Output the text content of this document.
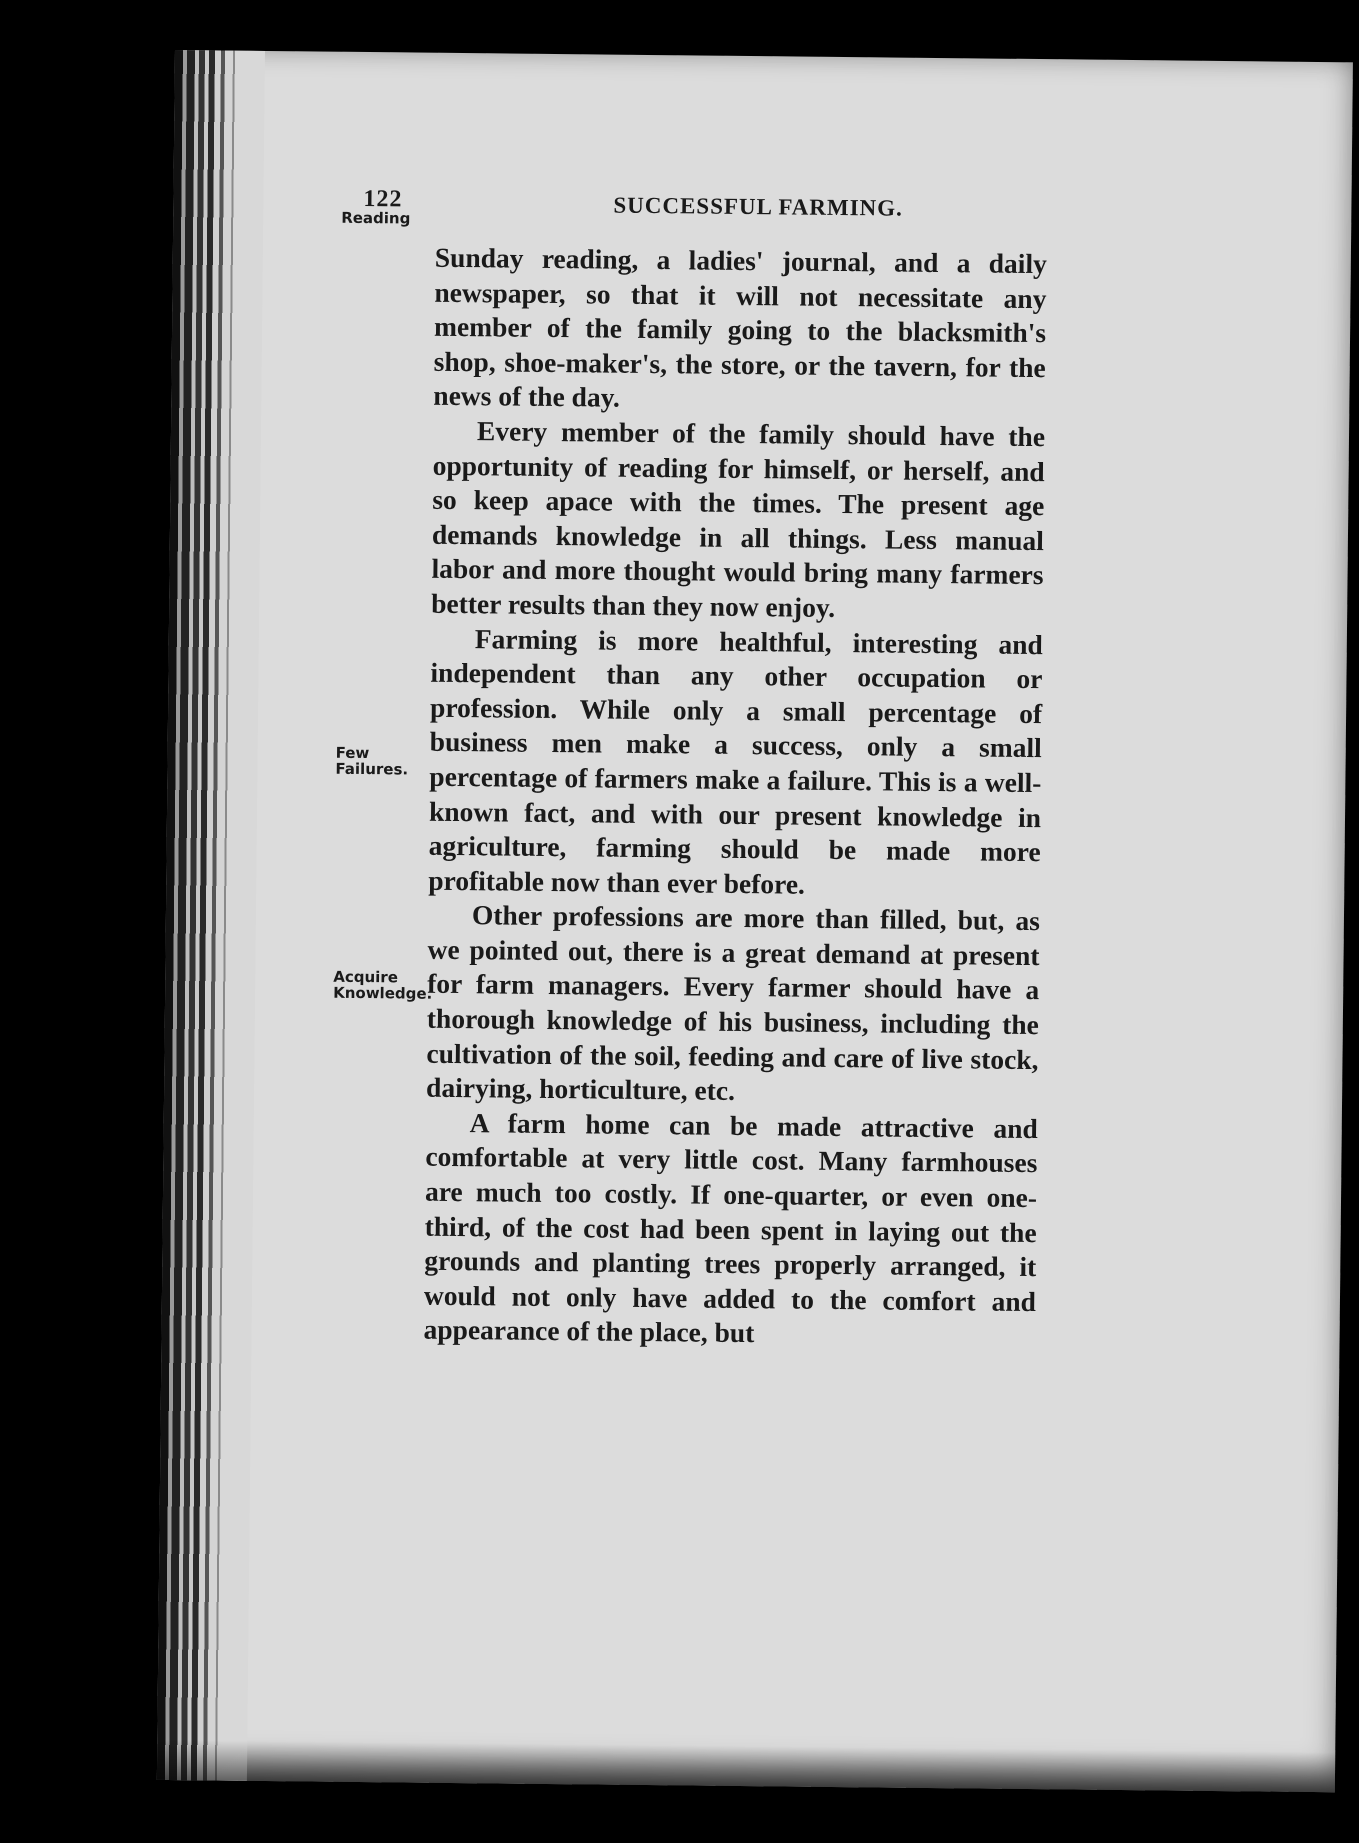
122	SUCCESSFUL FARMING.
Reading
Few
Failures.
Acquire
Knowledge.

Sunday reading, a ladies' journal, and a daily newspaper, so that it will not necessitate any member of the family going to the blacksmith's shop, shoe-maker's, the store, or the tavern, for the news of the day.

Every member of the family should have the opportunity of reading for himself, or herself, and so keep apace with the times. The present age demands knowledge in all things. Less manual labor and more thought would bring many farmers better results than they now enjoy.

Farming is more healthful, interesting and independent than any other occupation or profession. While only a small percentage of business men make a success, only a small percentage of farmers make a failure. This is a well-known fact, and with our present knowledge in agriculture, farming should be made more profitable now than ever before.

Other professions are more than filled, but, as we pointed out, there is a great demand at present for farm managers. Every farmer should have a thorough knowledge of his business, including the cultivation of the soil, feeding and care of live stock, dairying, horticulture, etc.

A farm home can be made attractive and comfortable at very little cost. Many farmhouses are much too costly. If one-quarter, or even one-third, of the cost had been spent in laying out the grounds and planting trees properly arranged, it would not only have added to the comfort and appearance of the place, but
